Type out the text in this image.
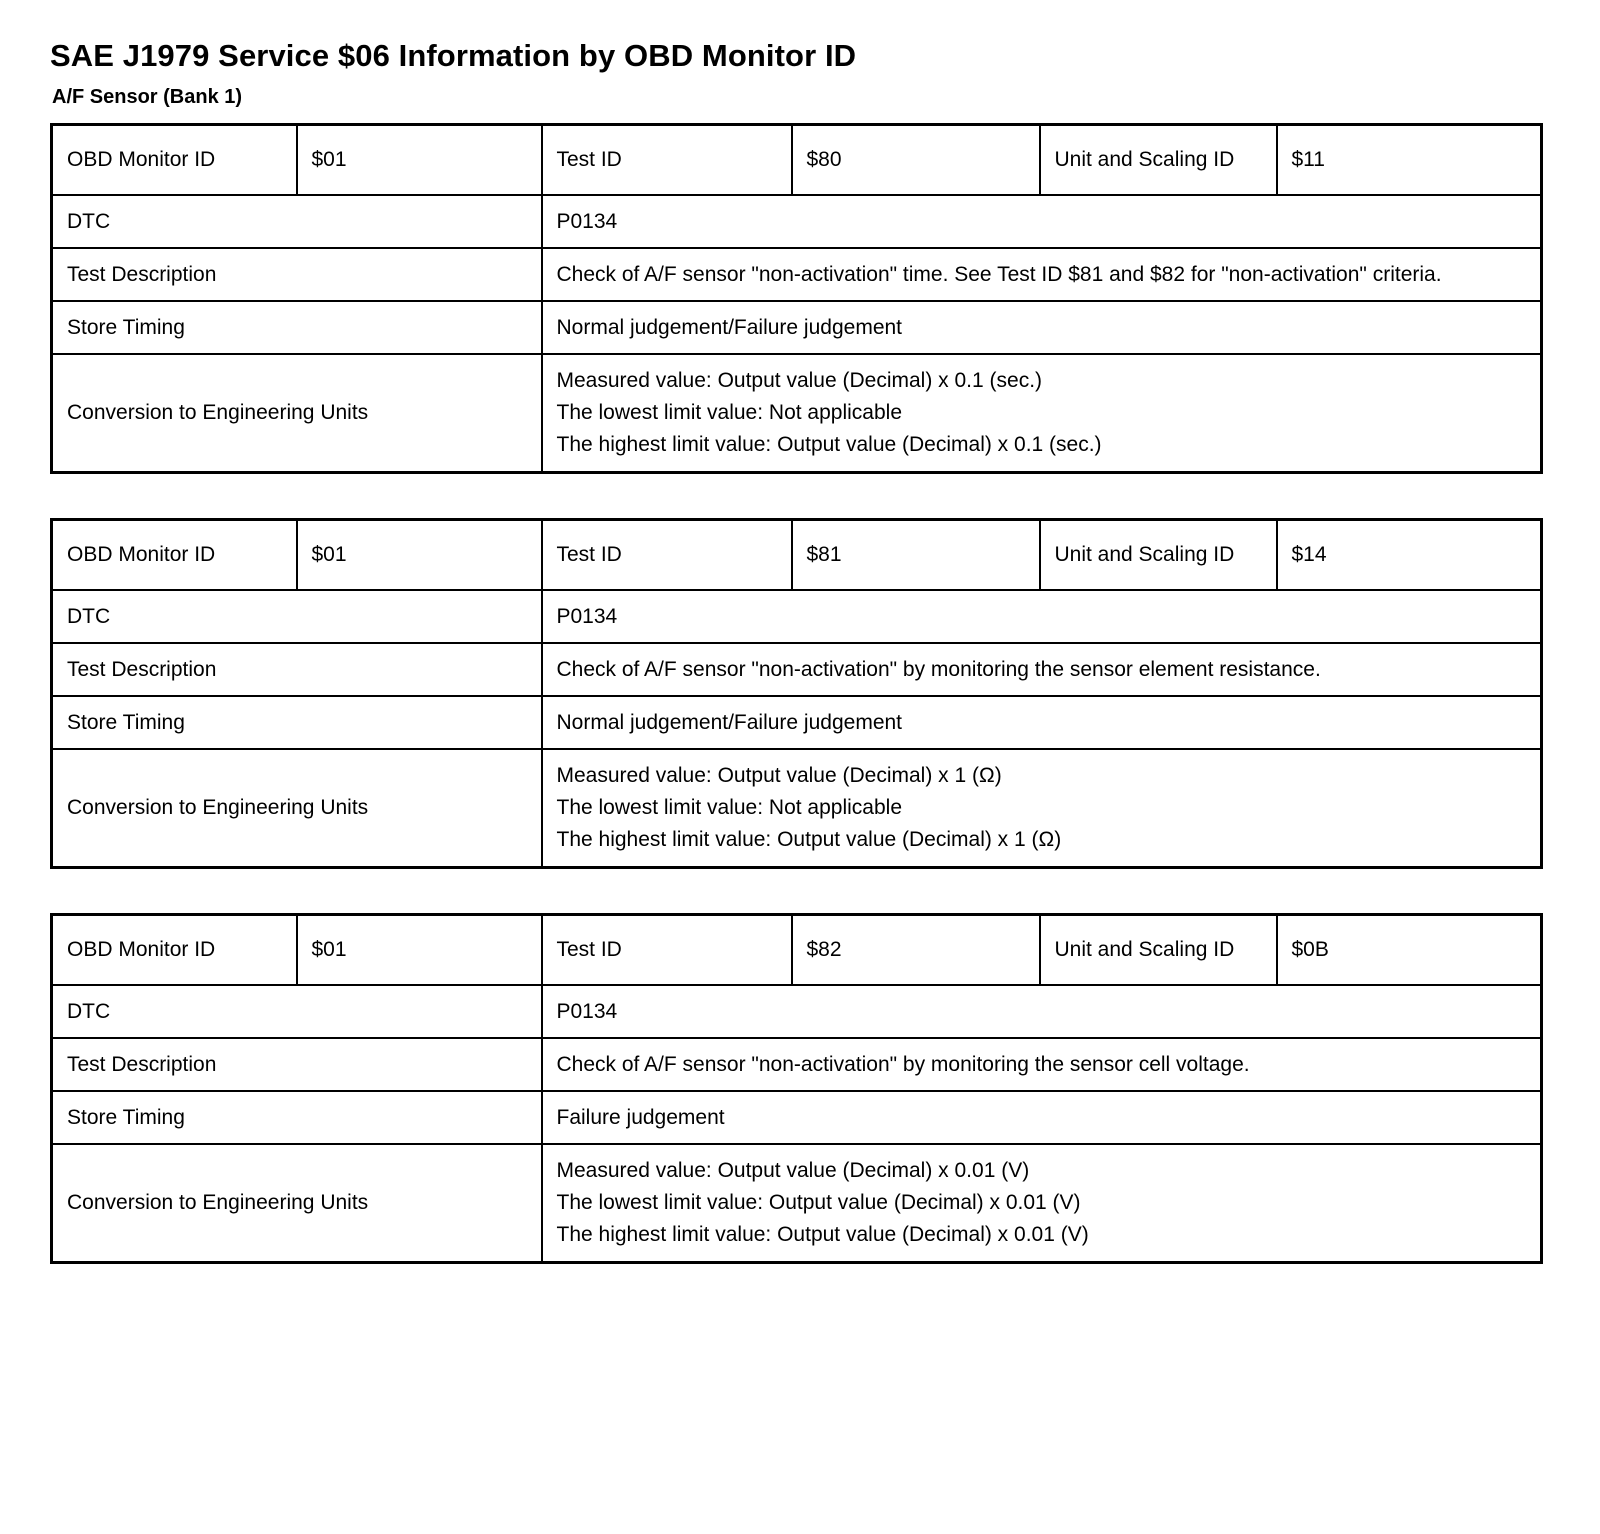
SAE J1979 Service $06 Information by OBD Monitor ID
A/F Sensor (Bank 1)
OBD Monitor ID	$01	Test ID	$80	Unit and Scaling ID	$11
DTC		P0134			
Test Description		Check of A/F sensor "non-activation" time. See Test ID $81 and $82 for "non-activation" criteria.			
Store Timing		Normal judgement/Failure judgement			
Conversion to Engineering Units		Measured value: Output value (Decimal) x 0.1 (sec.)
The lowest limit value: Not applicable
The highest limit value: Output value (Decimal) x 0.1 (sec.)			
OBD Monitor ID	$01	Test ID	$81	Unit and Scaling ID	$14
DTC		P0134			
Test Description		Check of A/F sensor "non-activation" by monitoring the sensor element resistance.			
Store Timing		Normal judgement/Failure judgement			
Conversion to Engineering Units		Measured value: Output value (Decimal) x 1 (Ω)
The lowest limit value: Not applicable
The highest limit value: Output value (Decimal) x 1 (Ω)			
OBD Monitor ID	$01	Test ID	$82	Unit and Scaling ID	$0B
DTC		P0134			
Test Description		Check of A/F sensor "non-activation" by monitoring the sensor cell voltage.			
Store Timing		Failure judgement			
Conversion to Engineering Units		Measured value: Output value (Decimal) x 0.01 (V)
The lowest limit value: Output value (Decimal) x 0.01 (V)
The highest limit value: Output value (Decimal) x 0.01 (V)			
